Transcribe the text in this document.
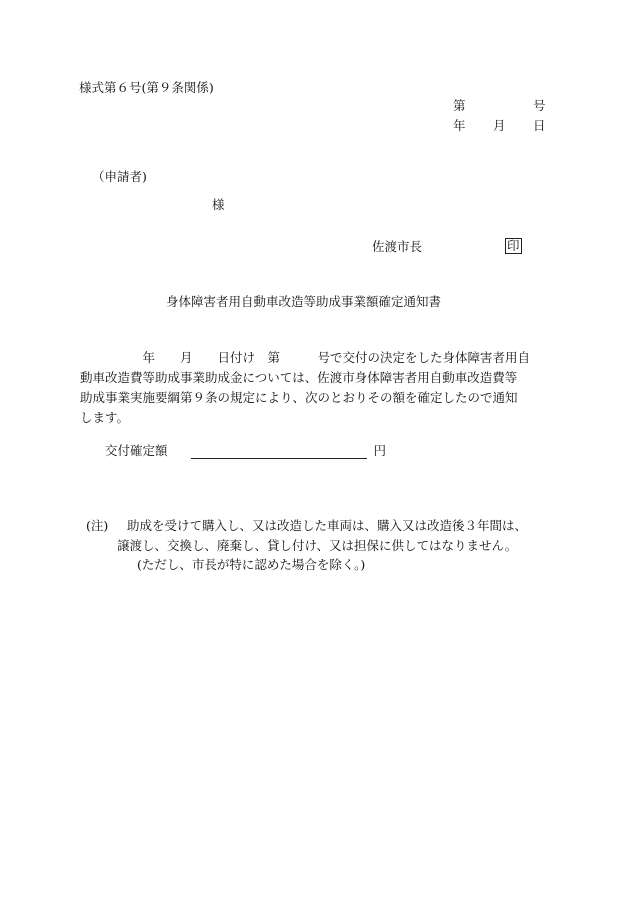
様式第６号(第９条関係)
第	号
年 月 日
（申請者)
様
佐渡市長	印
身体障害者用自動車改造等助成事業額確定通知書

　　　　　年　　月　　日付け　第　　　号で交付の決定をした身体障害者用自

動車改造費等助成事業助成金については、佐渡市身体障害者用自動車改造費等

助成事業実施要綱第９条の規定により、次のとおりその額を確定したので通知

します。

交付確定額	円
(注) 助成を受けて購入し、又は改造した車両は、購入又は改造後３年間は、
譲渡し、交換し、廃棄し、貸し付け、又は担保に供してはなりません。
(ただし、市長が特に認めた場合を除く。)
